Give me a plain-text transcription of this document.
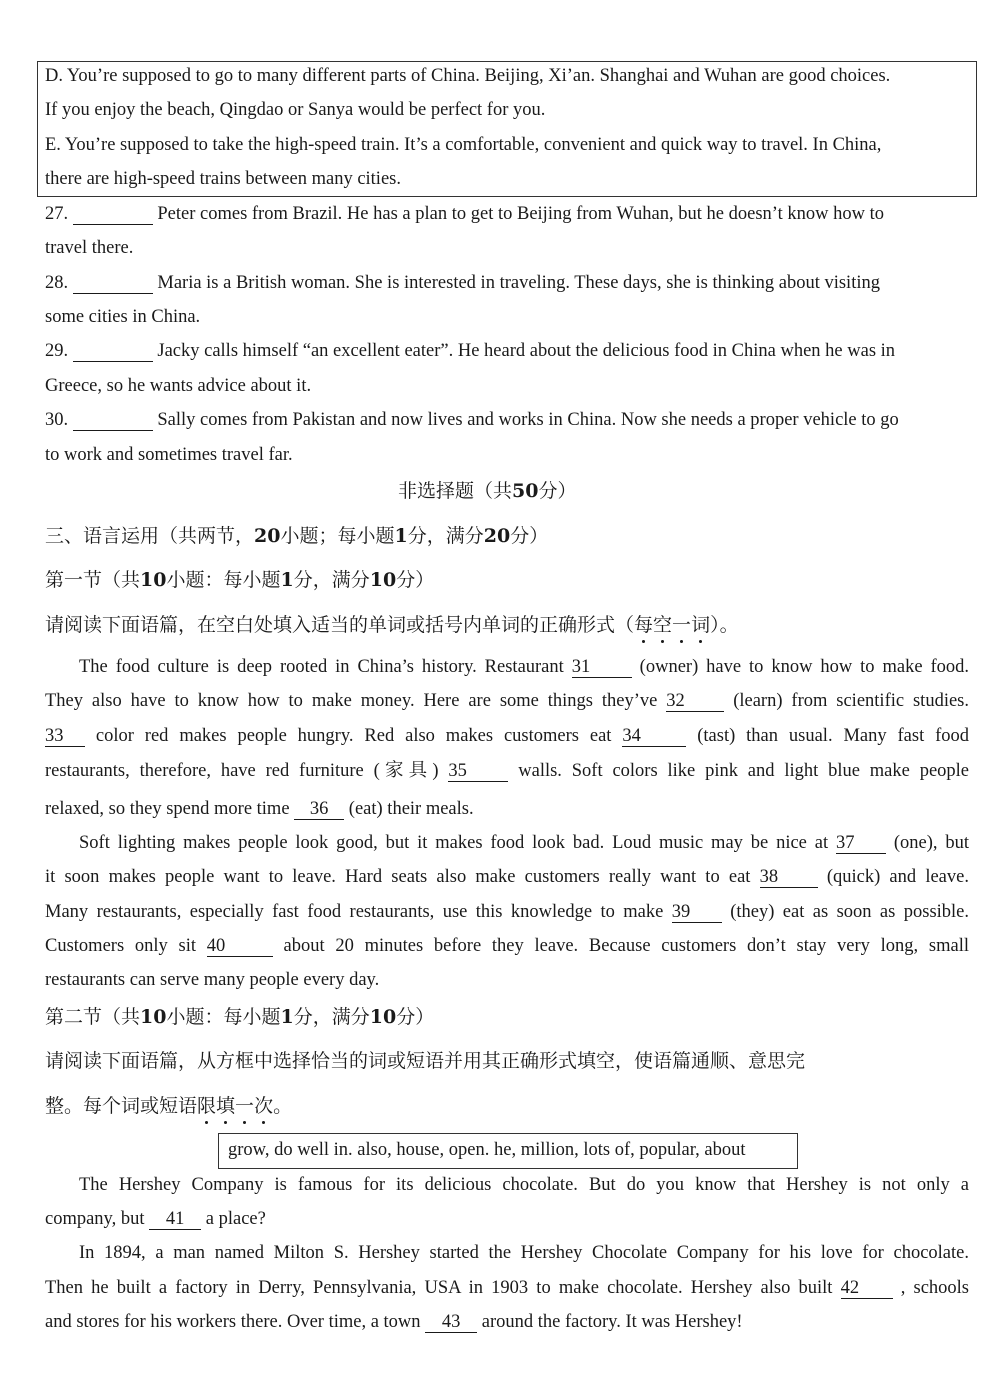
D. You’re supposed to go to many different parts of China. Beijing, Xi’an. Shanghai and Wuhan are good choices.
If you enjoy the beach, Qingdao or Sanya would be perfect for you.
E. You’re supposed to take the high-speed train. It’s a comfortable, convenient and quick way to travel. In China,
there are high-speed trains between many cities.
27.	Peter comes from Brazil. He has a plan to get to Beijing from Wuhan, but he doesn’t know how to
travel there.
28.	Maria is a British woman. She is interested in traveling. These days, she is thinking about visiting
some cities in China.
29.	Jacky calls himself “an excellent eater”. He heard about the delicious food in China when he was in
Greece, so he wants advice about it.
30.	Sally comes from Pakistan and now lives and works in China. Now she needs a proper vehicle to go
to work and sometimes travel far.
非选择题（共50分）
三、语言运用（共两节，20小题；每小题1分，满分20分）
第一节（共10小题：每小题1分，满分10分）
请阅读下面语篇，在空白处填入适当的单词或括号内单词的正确形式（每空一词）。
The food culture is deep rooted in China’s history. Restaurant 31	(owner) have to know how to make food.
They also have to know how to make money. Here are some things they’ve 32	(learn) from scientific studies.
33 color red makes people hungry. Red also makes customers eat 34	(tast) than usual. Many fast food
restaurants, therefore, have red furniture (家具) 35	walls. Soft colors like pink and light blue make people
relaxed, so they spend more time 36 (eat) their meals.
Soft lighting makes people look good, but it makes food look bad. Loud music may be nice at 37 (one), but
it soon makes people want to leave. Hard seats also make customers really want to eat 38	(quick) and leave.
Many restaurants, especially fast food restaurants, use this knowledge to make 39 (they) eat as soon as possible.
Customers only sit 40	about 20 minutes before they leave. Because customers don’t stay very long, small
restaurants can serve many people every day.
第二节（共10小题：每小题1分，满分10分）
请阅读下面语篇，从方框中选择恰当的词或短语并用其正确形式填空，使语篇通顺、意思完
整。每个词或短语限填一次。
grow, do well in. also, house, open. he, million, lots of, popular, about
The Hershey Company is famous for its delicious chocolate. But do you know that Hershey is not only a
company, but 41 a place?
In 1894, a man named Milton S. Hershey started the Hershey Chocolate Company for his love for chocolate.
Then he built a factory in Derry, Pennsylvania, USA in 1903 to make chocolate. Hershey also built 42 , schools
and stores for his workers there. Over time, a town 43 around the factory. It was Hershey!
